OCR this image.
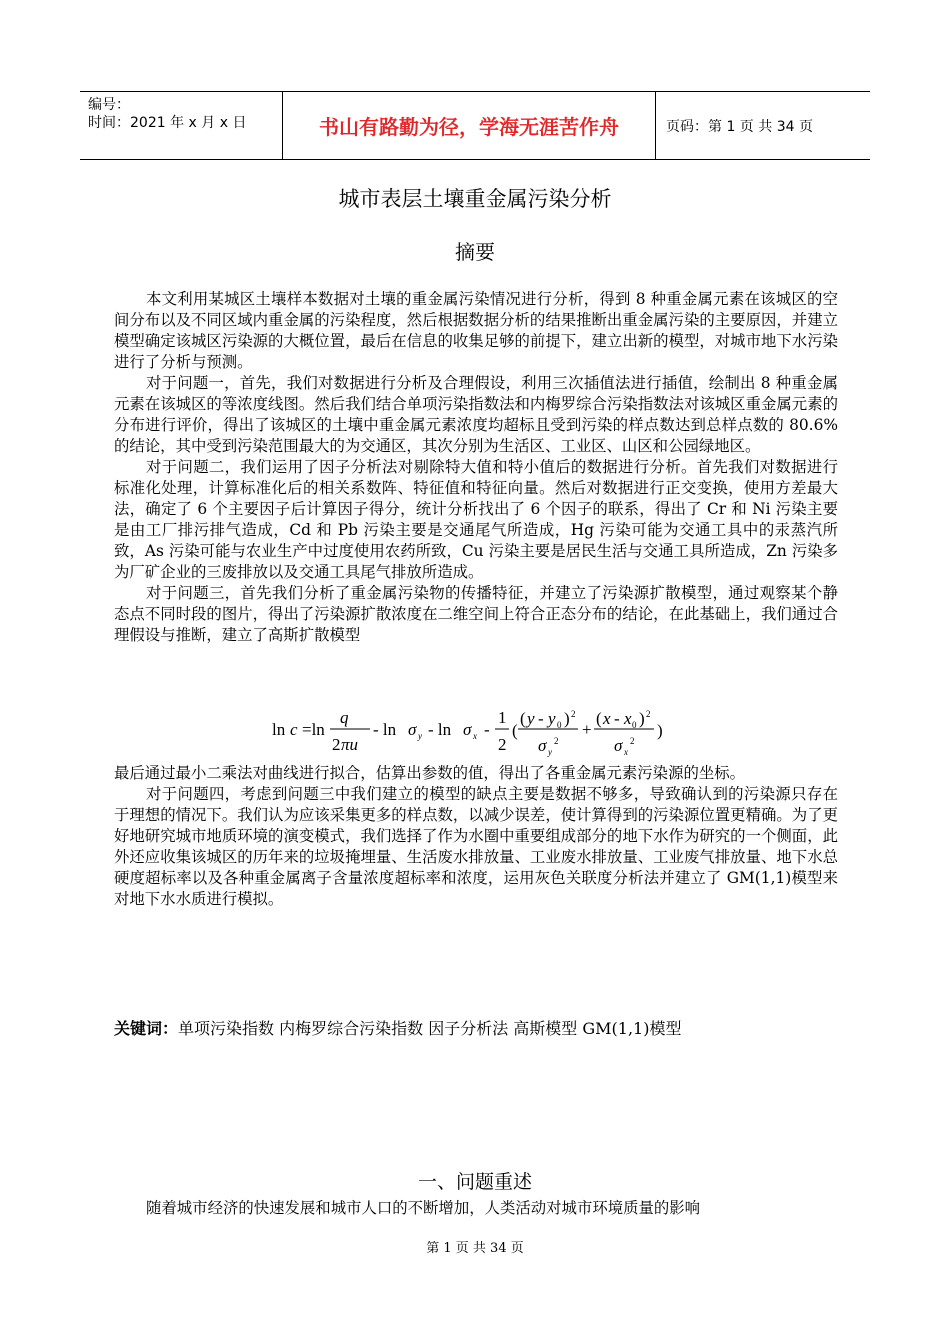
编号：
时间：2021 年 x 月 x 日	书山有路勤为径，学海无涯苦作舟	页码：第 1 页 共 34 页
城市表层土壤重金属污染分析
摘要

本文利用某城区土壤样本数据对土壤的重金属污染情况进行分析，得到 8 种重金属元素在该城区的空间分布以及不同区域内重金属的污染程度，然后根据数据分析的结果推断出重金属污染的主要原因，并建立模型确定该城区污染源的大概位置，最后在信息的收集足够的前提下，建立出新的模型，对城市地下水污染进行了分析与预测。

对于问题一，首先，我们对数据进行分析及合理假设，利用三次插值法进行插值，绘制出 8 种重金属元素在该城区的等浓度线图。然后我们结合单项污染指数法和内梅罗综合污染指数法对该城区重金属元素的分布进行评价，得出了该城区的土壤中重金属元素浓度均超标且受到污染的样点数达到总样点数的 80.6%的结论，其中受到污染范围最大的为交通区，其次分别为生活区、工业区、山区和公园绿地区。

对于问题二，我们运用了因子分析法对剔除特大值和特小值后的数据进行分析。首先我们对数据进行标准化处理，计算标准化后的相关系数阵、特征值和特征向量。然后对数据进行正交变换，使用方差最大法，确定了 6 个主要因子后计算因子得分，统计分析找出了 6 个因子的联系，得出了 Cr 和 Ni 污染主要是由工厂排污排气造成，Cd 和 Pb 污染主要是交通尾气所造成，Hg 污染可能为交通工具中的汞蒸汽所致，As 污染可能与农业生产中过度使用农药所致，Cu 污染主要是居民生活与交通工具所造成，Zn 污染多为厂矿企业的三废排放以及交通工具尾气排放所造成。

对于问题三，首先我们分析了重金属污染物的传播特征，并建立了污染源扩散模型，通过观察某个静态点不同时段的图片，得出了污染源扩散浓度在二维空间上符合正态分布的结论，在此基础上，我们通过合理假设与推断，建立了高斯扩散模型

ln c =ln
q
2 πu
- ln σ y - ln σ x -
1
2
(
( y - y 0 ) 2
σ y
2
+
( x - x 0 ) 2
σ x
2
)

最后通过最小二乘法对曲线进行拟合，估算出参数的值，得出了各重金属元素污染源的坐标。

对于问题四，考虑到问题三中我们建立的模型的缺点主要是数据不够多，导致确认到的污染源只存在于理想的情况下。我们认为应该采集更多的样点数，以减少误差，使计算得到的污染源位置更精确。为了更好地研究城市地质环境的演变模式，我们选择了作为水圈中重要组成部分的地下水作为研究的一个侧面，此外还应收集该城区的历年来的垃圾掩埋量、生活废水排放量、工业废水排放量、工业废气排放量、地下水总硬度超标率以及各种重金属离子含量浓度超标率和浓度，运用灰色关联度分析法并建立了 GM(1,1)模型来对地下水水质进行模拟。

关键词：单项污染指数 内梅罗综合污染指数 因子分析法 高斯模型 GM(1,1)模型
一、问题重述

随着城市经济的快速发展和城市人口的不断增加，人类活动对城市环境质量的影响

第 1 页 共 34 页
